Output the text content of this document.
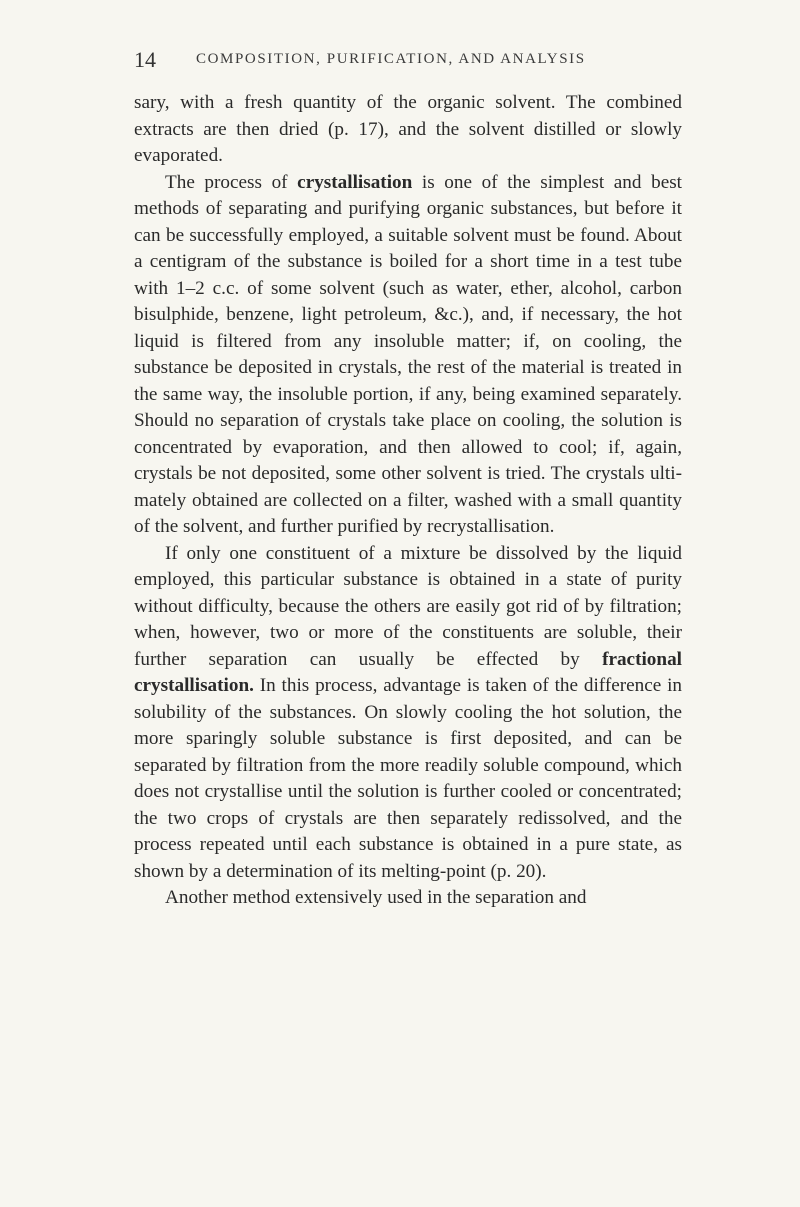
14	COMPOSITION, PURIFICATION, AND ANALYSIS

sary, with a fresh quantity of the organic solvent. The combined extracts are then dried (p. 17), and the solvent distilled or slowly evaporated.

The process of crystallisation is one of the simplest and best methods of separating and purifying organic substances, but before it can be successfully employed, a suitable solvent must be found. About a centigram of the substance is boiled for a short time in a test tube with 1–2 c.c. of some solvent (such as water, ether, alcohol, carbon bisulphide, benzene, light petroleum, &c.), and, if necessary, the hot liquid is filtered from any insoluble matter; if, on cooling, the substance be deposited in crystals, the rest of the material is treated in the same way, the insoluble portion, if any, being examined separately. Should no separation of crystals take place on cooling, the solution is concentrated by evaporation, and then allowed to cool; if, again, crystals be not deposited, some other solvent is tried. The crystals ultimately obtained are collected on a filter, washed with a small quantity of the solvent, and further purified by recrystallisation.

If only one constituent of a mixture be dissolved by the liquid employed, this particular substance is obtained in a state of purity without difficulty, because the others are easily got rid of by filtration; when, however, two or more of the constituents are soluble, their further separation can usually be effected by fractional crystallisation. In this process, advantage is taken of the difference in solubility of the substances. On slowly cooling the hot solution, the more sparingly soluble substance is first deposited, and can be separated by filtration from the more readily soluble compound, which does not crystallise until the solution is further cooled or concentrated; the two crops of crystals are then separately redissolved, and the process repeated until each substance is obtained in a pure state, as shown by a determination of its melting-point (p. 20).

Another method extensively used in the separation and
